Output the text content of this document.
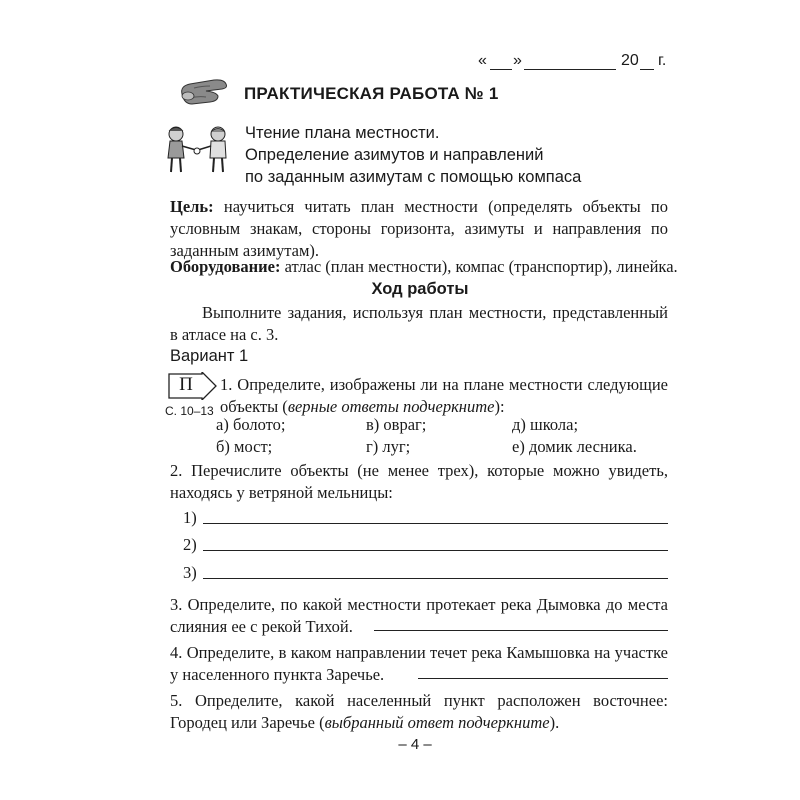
« »	20 г.
ПРАКТИЧЕСКАЯ РАБОТА № 1
Чтение плана местности.
Определение азимутов и направлений
по заданным азимутам с помощью компаса

Цель: научиться читать план местности (определять объекты по условным знакам, стороны горизонта, азимуты и направления по заданным азимутам).

Оборудование: атлас (план местности), компас (транспортир), линейка.

Ход работы

Выполните задания, используя план местности, представленный в атласе на с. 3.

Вариант 1
П
С. 10–13

1. Определите, изображены ли на плане местности следующие объекты (верные ответы подчеркните):

а) болото;	в) овраг;	д) школа;
б) мост;	г) луг;	е) домик лесника.

2. Перечислите объекты (не менее трех), которые можно увидеть, находясь у ветряной мельницы:

1)
2)
3)

3. Определите, по какой местности протекает река Дымовка до места слияния ее с рекой Тихой.

4. Определите, в каком направлении течет река Камышовка на участке у населенного пункта Заречье.

5. Определите, какой населенный пункт расположен восточнее: Городец или Заречье (выбранный ответ подчеркните).

– 4 –
